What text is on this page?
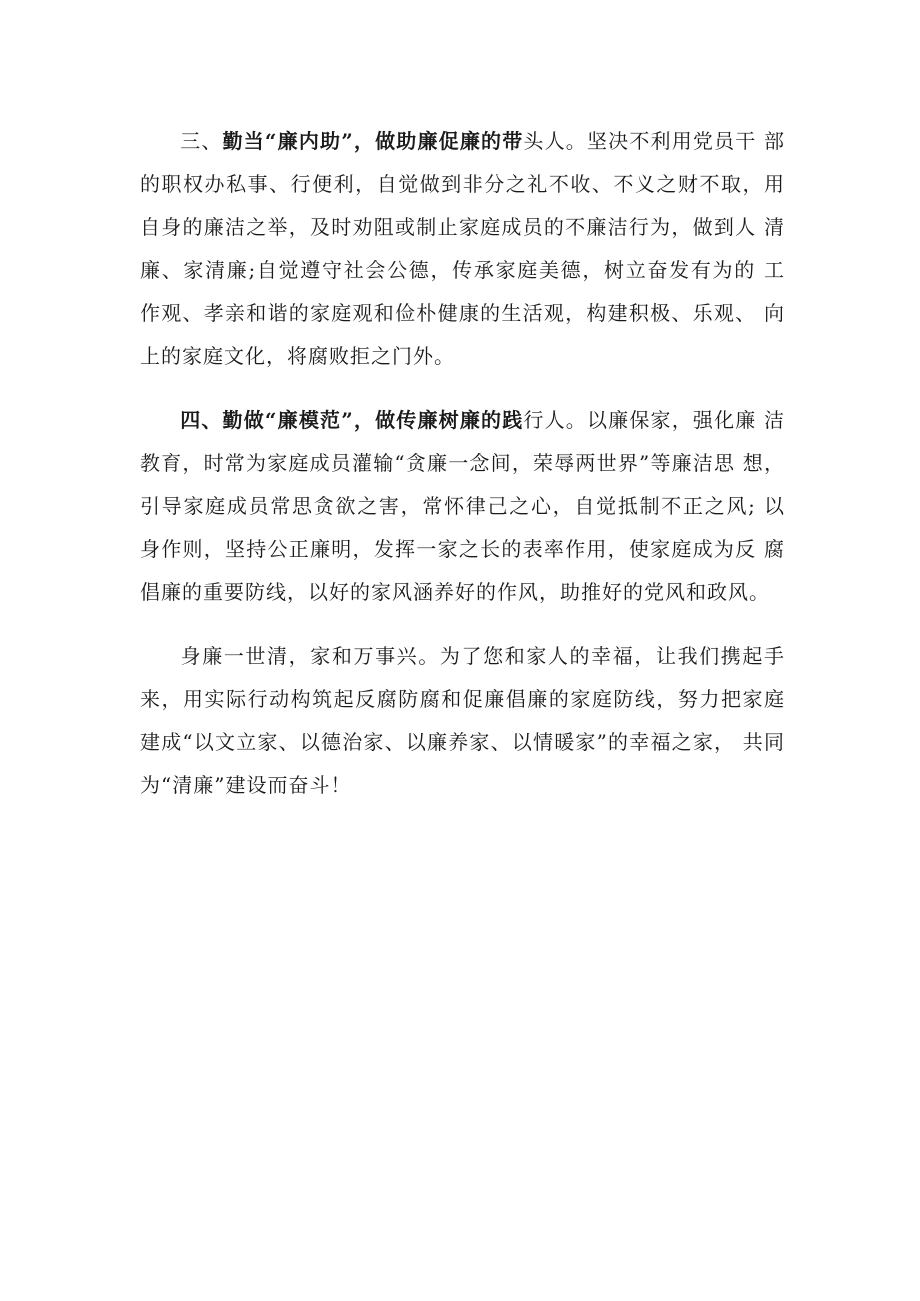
三、勤当“廉内助”，做助廉促廉的带头人。坚决不利用党员干 部的职权办私事、行便利，自觉做到非分之礼不收、不义之财不取，用自身的廉洁之举，及时劝阻或制止家庭成员的不廉洁行为，做到人 清廉、家清廉;自觉遵守社会公德，传承家庭美德，树立奋发有为的 工作观、孝亲和谐的家庭观和俭朴健康的生活观，构建积极、乐观、 向上的家庭文化，将腐败拒之门外。

四、勤做“廉模范”，做传廉树廉的践行人。以廉保家，强化廉 洁教育，时常为家庭成员灌输“贪廉一念间，荣辱两世界”等廉洁思 想，引导家庭成员常思贪欲之害，常怀律己之心，自觉抵制不正之风; 以身作则，坚持公正廉明，发挥一家之长的表率作用，使家庭成为反 腐倡廉的重要防线，以好的家风涵养好的作风，助推好的党风和政风。

身廉一世清，家和万事兴。为了您和家人的幸福，让我们携起手 来，用实际行动构筑起反腐防腐和促廉倡廉的家庭防线，努力把家庭 建成“以文立家、以德治家、以廉养家、以情暖家”的幸福之家， 共同为“清廉”建设而奋斗！
